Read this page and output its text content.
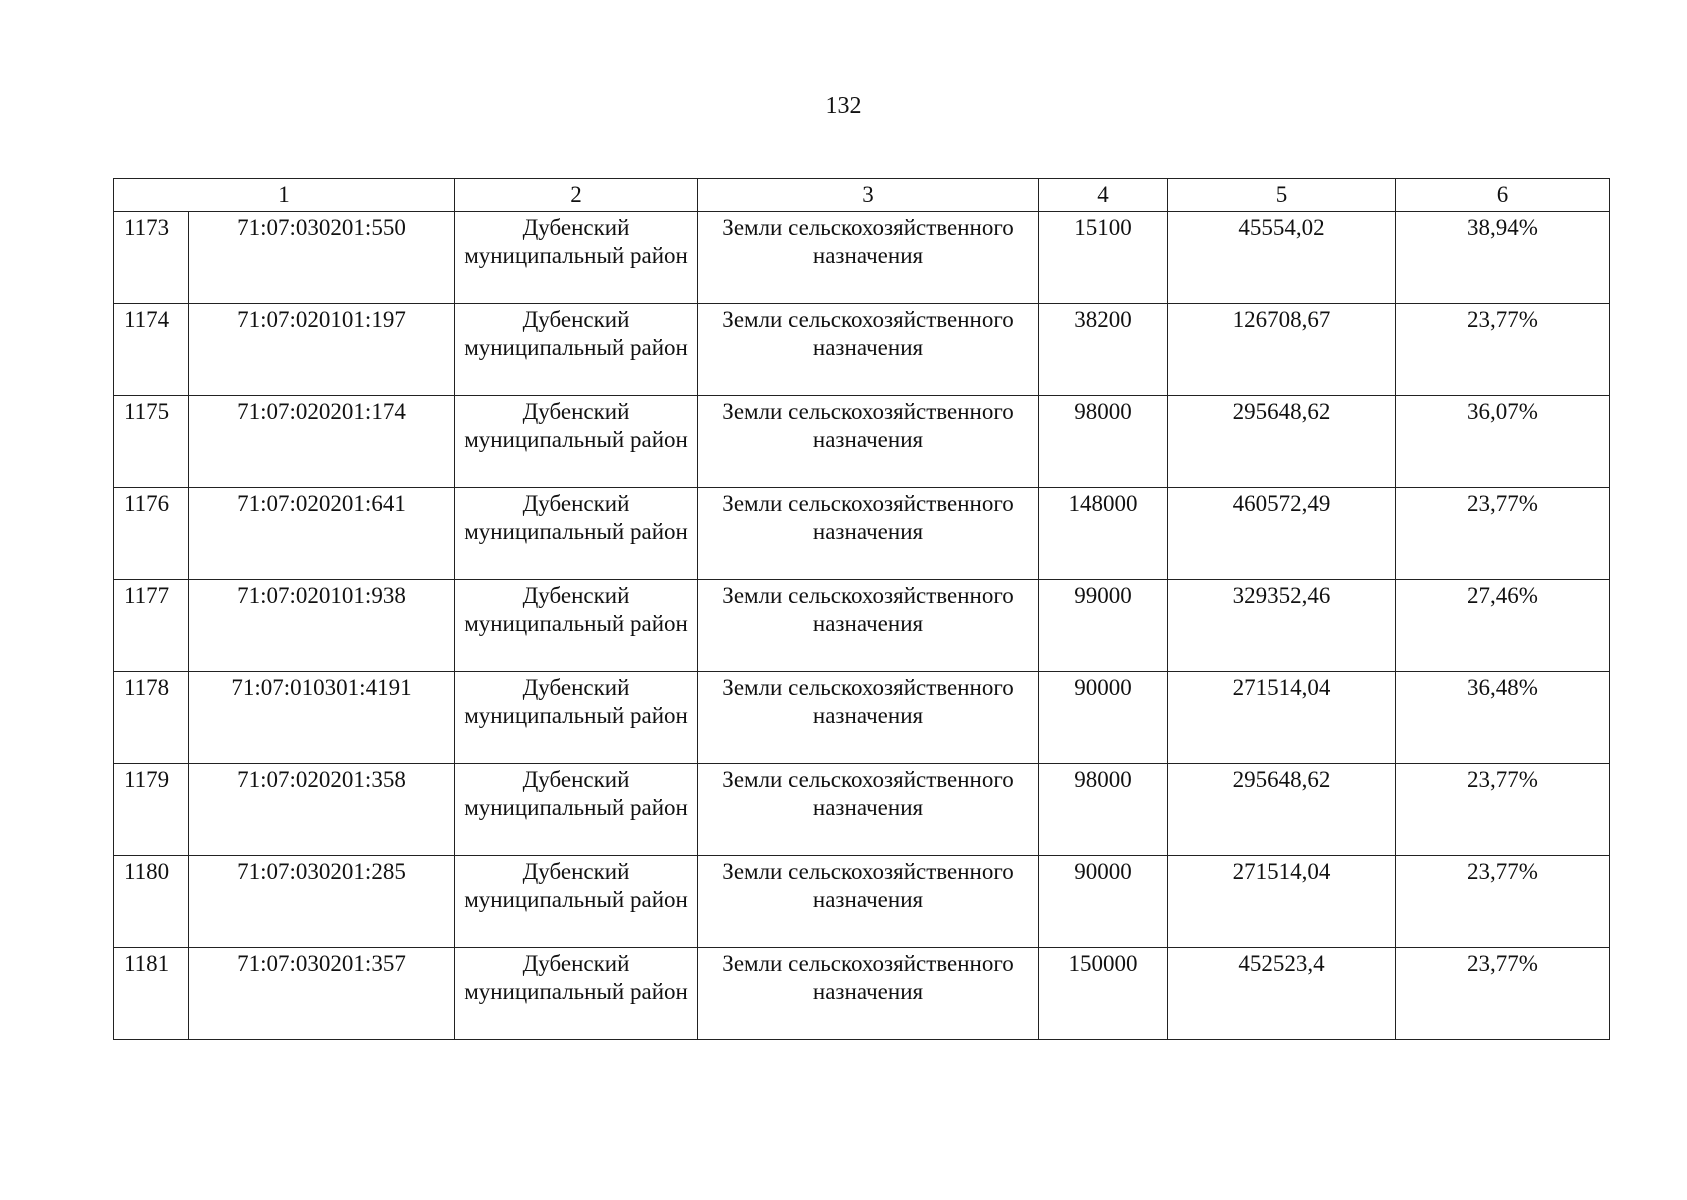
132
1		2	3	4	5	6
1173	71:07:030201:550	Дубенский муниципальный район	Земли сельскохозяйственного назначения	15100	45554,02	38,94%
1174	71:07:020101:197	Дубенский муниципальный район	Земли сельскохозяйственного назначения	38200	126708,67	23,77%
1175	71:07:020201:174	Дубенский муниципальный район	Земли сельскохозяйственного назначения	98000	295648,62	36,07%
1176	71:07:020201:641	Дубенский муниципальный район	Земли сельскохозяйственного назначения	148000	460572,49	23,77%
1177	71:07:020101:938	Дубенский муниципальный район	Земли сельскохозяйственного назначения	99000	329352,46	27,46%
1178	71:07:010301:4191	Дубенский муниципальный район	Земли сельскохозяйственного назначения	90000	271514,04	36,48%
1179	71:07:020201:358	Дубенский муниципальный район	Земли сельскохозяйственного назначения	98000	295648,62	23,77%
1180	71:07:030201:285	Дубенский муниципальный район	Земли сельскохозяйственного назначения	90000	271514,04	23,77%
1181	71:07:030201:357	Дубенский муниципальный район	Земли сельскохозяйственного назначения	150000	452523,4	23,77%
